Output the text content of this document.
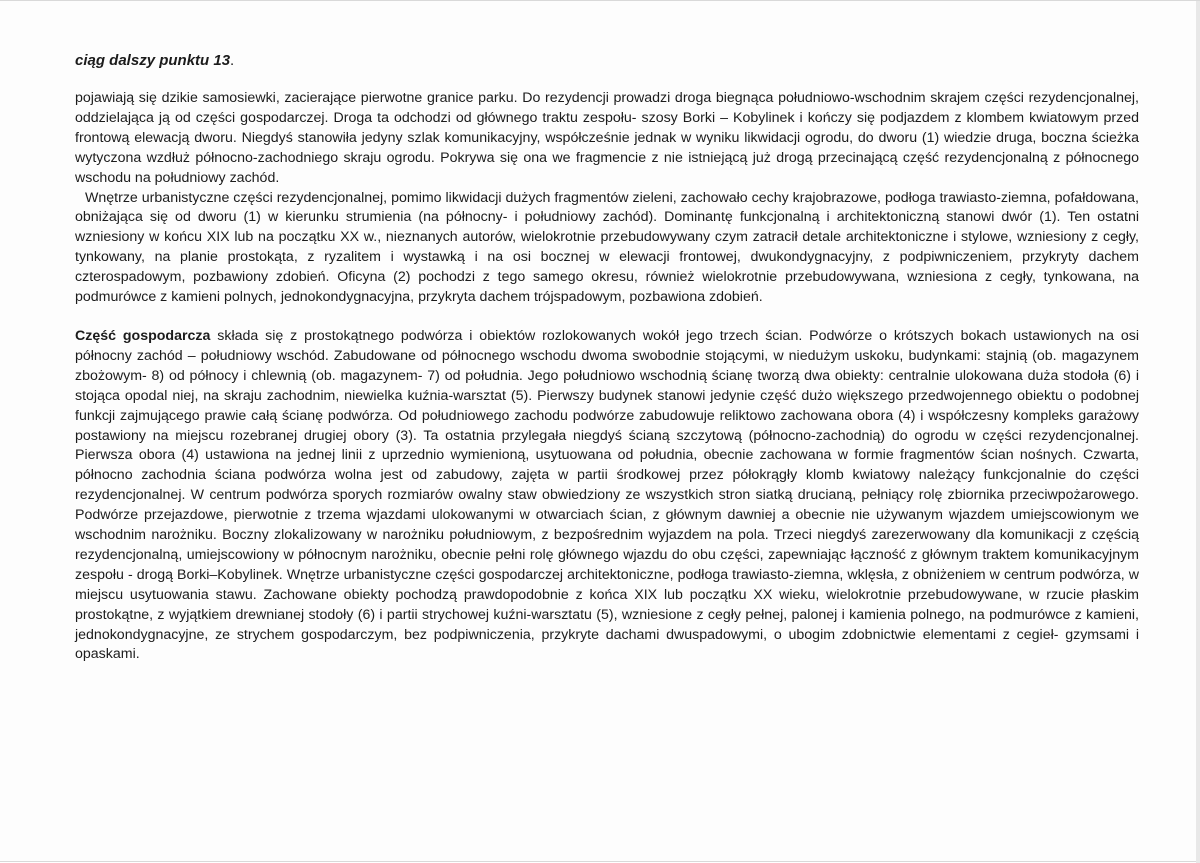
ciąg dalszy punktu 13.

pojawiają się dzikie samosiewki, zacierające pierwotne granice parku. Do rezydencji prowadzi droga biegnąca południowo-wschodnim skrajem części rezydencjonalnej, oddzielająca ją od części gospodarczej. Droga ta odchodzi od głównego traktu zespołu- szosy Borki – Kobylinek i kończy się podjazdem z klombem kwiatowym przed frontową elewacją dworu. Niegdyś stanowiła jedyny szlak komunikacyjny, współcześnie jednak w wyniku likwidacji ogrodu, do dworu (1) wiedzie druga, boczna ścieżka wytyczona wzdłuż północno-zachodniego skraju ogrodu. Pokrywa się ona we fragmencie z nie istniejącą już drogą przecinającą część rezydencjonalną z północnego wschodu na południowy zachód.

Wnętrze urbanistyczne części rezydencjonalnej, pomimo likwidacji dużych fragmentów zieleni, zachowało cechy krajobrazowe, podłoga trawiasto-ziemna, pofałdowana, obniżająca się od dworu (1) w kierunku strumienia (na północny- i południowy zachód). Dominantę funkcjonalną i architektoniczną stanowi dwór (1). Ten ostatni wzniesiony w końcu XIX lub na początku XX w., nieznanych autorów, wielokrotnie przebudowywany czym zatracił detale architektoniczne i stylowe, wzniesiony z cegły, tynkowany, na planie prostokąta, z ryzalitem i wystawką i na osi bocznej w elewacji frontowej, dwukondygnacyjny, z podpiwniczeniem, przykryty dachem czterospadowym, pozbawiony zdobień. Oficyna (2) pochodzi z tego samego okresu, również wielokrotnie przebudowywana, wzniesiona z cegły, tynkowana, na podmurówce z kamieni polnych, jednokondygnacyjna, przykryta dachem trójspadowym, pozbawiona zdobień.

Część gospodarcza składa się z prostokątnego podwórza i obiektów rozlokowanych wokół jego trzech ścian. Podwórze o krótszych bokach ustawionych na osi północny zachód – południowy wschód. Zabudowane od północnego wschodu dwoma swobodnie stojącymi, w niedużym uskoku, budynkami: stajnią (ob. magazynem zbożowym- 8) od północy i chlewnią (ob. magazynem- 7) od południa. Jego południowo wschodnią ścianę tworzą dwa obiekty: centralnie ulokowana duża stodoła (6) i stojąca opodal niej, na skraju zachodnim, niewielka kuźnia-warsztat (5). Pierwszy budynek stanowi jedynie część dużo większego przedwojennego obiektu o podobnej funkcji zajmującego prawie całą ścianę podwórza. Od południowego zachodu podwórze zabudowuje reliktowo zachowana obora (4) i współczesny kompleks garażowy postawiony na miejscu rozebranej drugiej obory (3). Ta ostatnia przylegała niegdyś ścianą szczytową (północno-zachodnią) do ogrodu w części rezydencjonalnej. Pierwsza obora (4) ustawiona na jednej linii z uprzednio wymienioną, usytuowana od południa, obecnie zachowana w formie fragmentów ścian nośnych. Czwarta, północno zachodnia ściana podwórza wolna jest od zabudowy, zajęta w partii środkowej przez półokrągły klomb kwiatowy należący funkcjonalnie do części rezydencjonalnej. W centrum podwórza sporych rozmiarów owalny staw obwiedziony ze wszystkich stron siatką drucianą, pełniący rolę zbiornika przeciwpożarowego. Podwórze przejazdowe, pierwotnie z trzema wjazdami ulokowanymi w otwarciach ścian, z głównym dawniej a obecnie nie używanym wjazdem umiejscowionym we wschodnim narożniku. Boczny zlokalizowany w narożniku południowym, z bezpośrednim wyjazdem na pola. Trzeci niegdyś zarezerwowany dla komunikacji z częścią rezydencjonalną, umiejscowiony w północnym narożniku, obecnie pełni rolę głównego wjazdu do obu części, zapewniając łączność z głównym traktem komunikacyjnym zespołu - drogą Borki–Kobylinek. Wnętrze urbanistyczne części gospodarczej architektoniczne, podłoga trawiasto-ziemna, wklęsła, z obniżeniem w centrum podwórza, w miejscu usytuowania stawu. Zachowane obiekty pochodzą prawdopodobnie z końca XIX lub początku XX wieku, wielokrotnie przebudowywane, w rzucie płaskim prostokątne, z wyjątkiem drewnianej stodoły (6) i partii strychowej kuźni-warsztatu (5), wzniesione z cegły pełnej, palonej i kamienia polnego, na podmurówce z kamieni, jednokondygnacyjne, ze strychem gospodarczym, bez podpiwniczenia, przykryte dachami dwuspadowymi, o ubogim zdobnictwie elementami z cegieł- gzymsami i opaskami.
